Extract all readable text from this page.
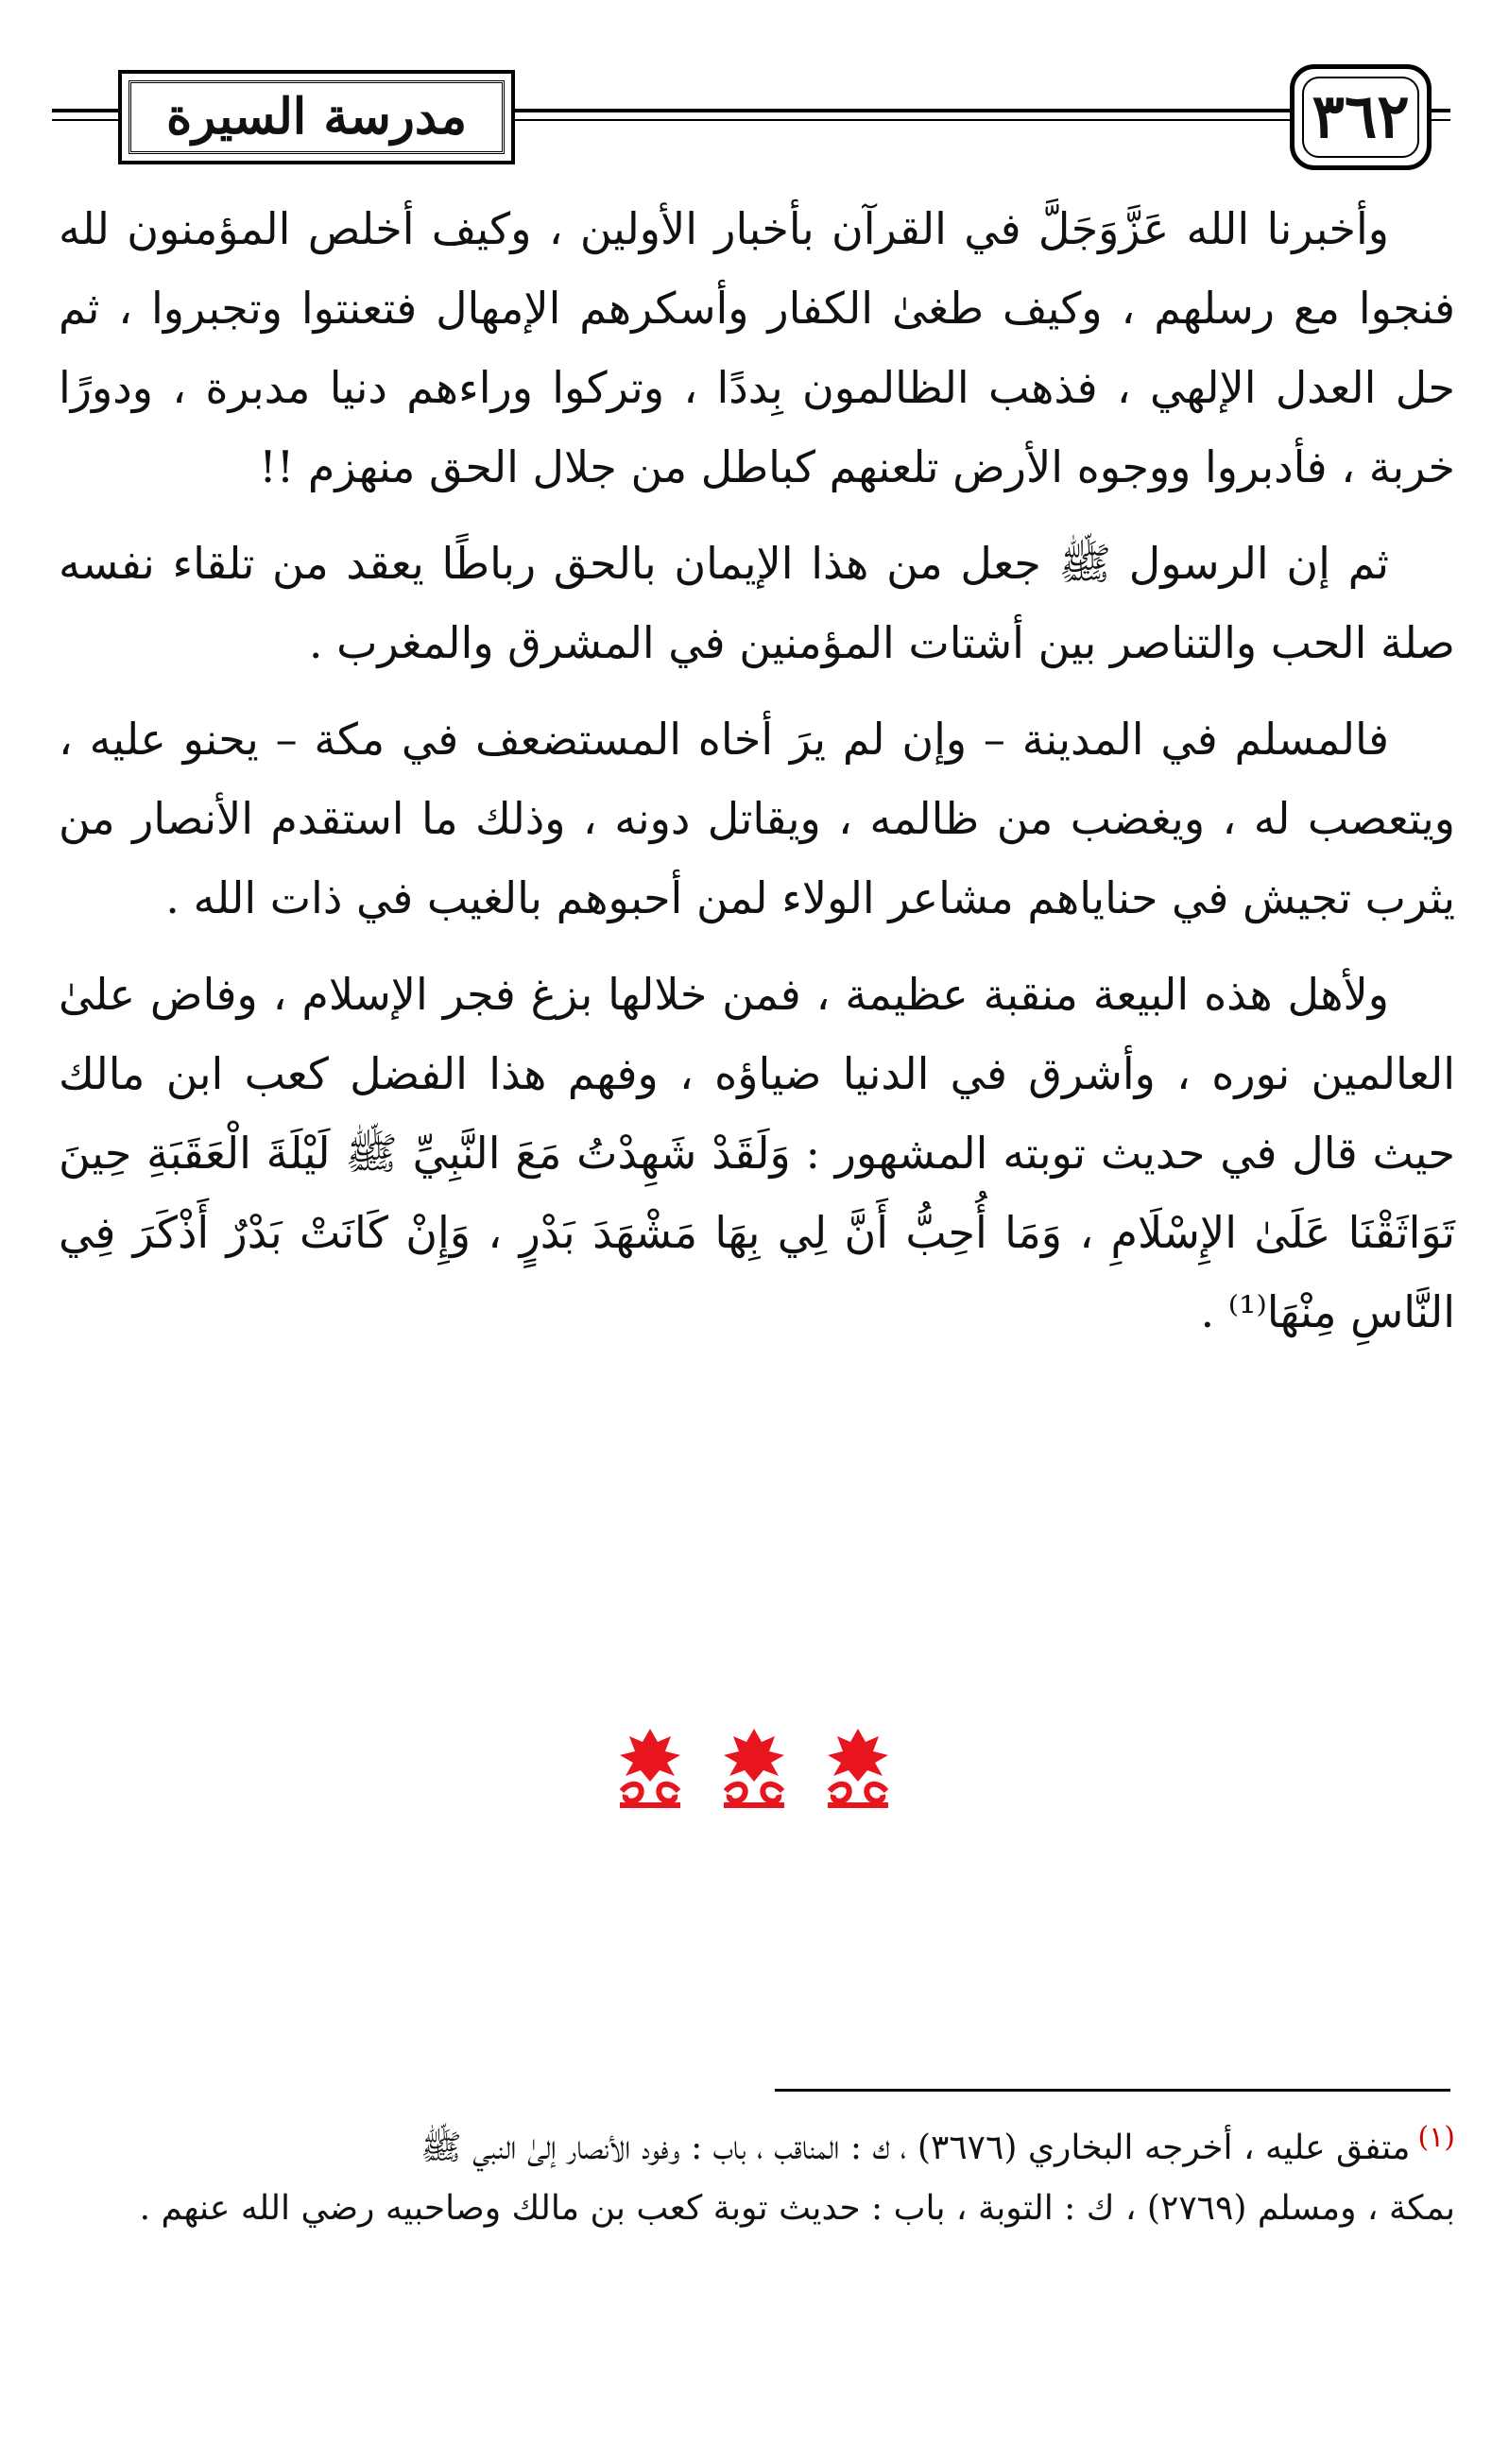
مدرسة السيرة	٣٦٢

وأخبرنا الله عَزَّوَجَلَّ في القرآن بأخبار الأولين ، وكيف أخلص المؤمنون لله فنجوا مع رسلهم ، وكيف طغىٰ الكفار وأسكرهم الإمهال فتعنتوا وتجبروا ، ثم حل العدل الإلهي ، فذهب الظالمون بِددًا ، وتركوا وراءهم دنيا مدبرة ، ودورًا خربة ، فأدبروا ووجوه الأرض تلعنهم كباطل من جلال الحق منهزم !!

ثم إن الرسول ﷺ جعل من هذا الإيمان بالحق رباطًا يعقد من تلقاء نفسه صلة الحب والتناصر بين أشتات المؤمنين في المشرق والمغرب .

فالمسلم في المدينة – وإن لم يرَ أخاه المستضعف في مكة – يحنو عليه ، ويتعصب له ، ويغضب من ظالمه ، ويقاتل دونه ، وذلك ما استقدم الأنصار من يثرب تجيش في حناياهم مشاعر الولاء لمن أحبوهم بالغيب في ذات الله .

ولأهل هذه البيعة منقبة عظيمة ، فمن خلالها بزغ فجر الإسلام ، وفاض علىٰ العالمين نوره ، وأشرق في الدنيا ضياؤه ، وفهم هذا الفضل كعب ابن مالك حيث قال في حديث توبته المشهور : وَلَقَدْ شَهِدْتُ مَعَ النَّبِيِّ ﷺ لَيْلَةَ الْعَقَبَةِ حِينَ تَوَاثَقْنَا عَلَىٰ الإِسْلَامِ ، وَمَا أُحِبُّ أَنَّ لِي بِهَا مَشْهَدَ بَدْرٍ ، وَإِنْ كَانَتْ بَدْرٌ أَذْكَرَ فِي النَّاسِ مِنْهَا⁽¹⁾ .

$^{(١)}$متفق عليه ، أخرجه البخاري (٣٦٧٦) ، ك : المناقب ، باب : وفود الأنصار إلىٰ النبي ﷺ
بمكة ، ومسلم (٢٧٦٩) ، ك : التوبة ، باب : حديث توبة كعب بن مالك وصاحبيه رضي الله عنهم .
